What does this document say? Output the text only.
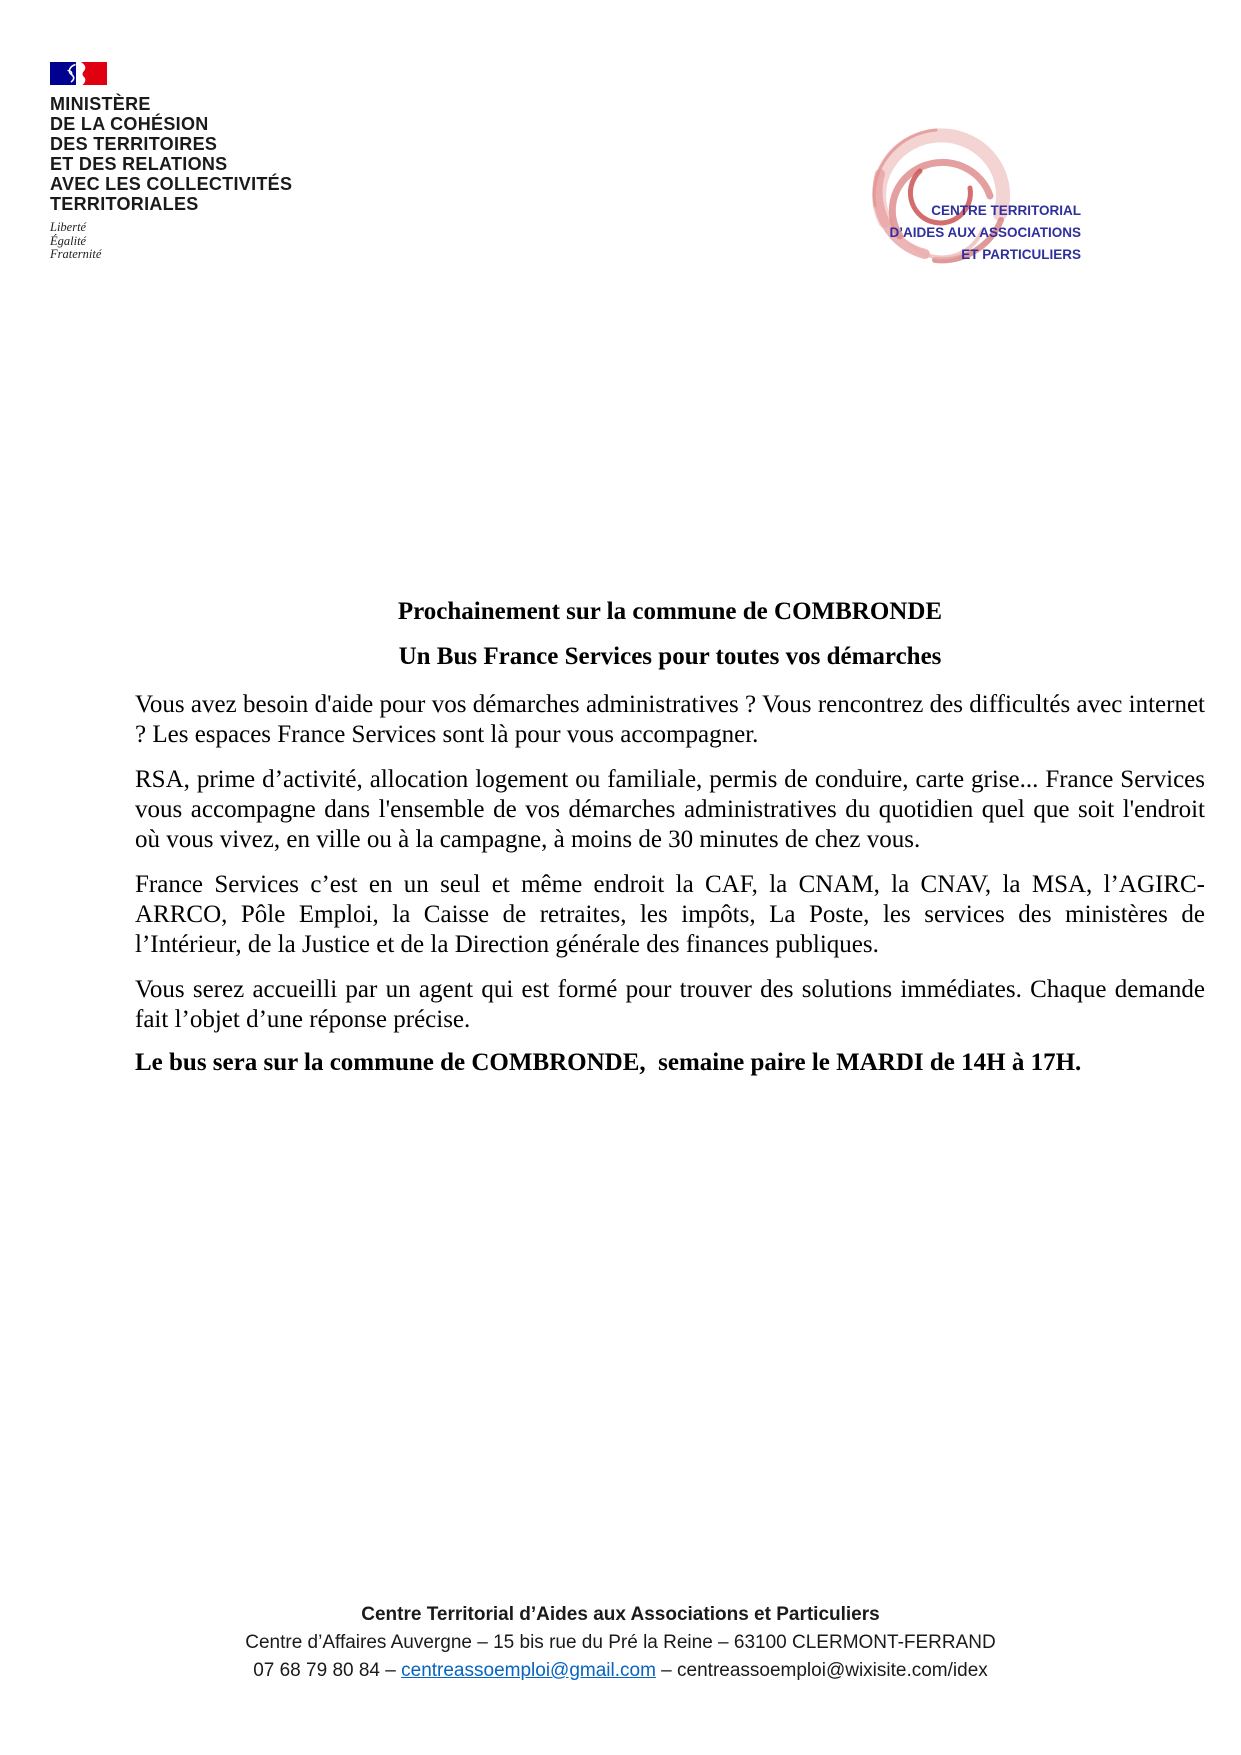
MINISTÈRE
DE LA COHÉSION
DES TERRITOIRES
ET DES RELATIONS
AVEC LES COLLECTIVITÉS
TERRITORIALES
Liberté
Égalité
Fraternité
CENTRE TERRITORIAL
D’AIDES AUX ASSOCIATIONS
ET PARTICULIERS
Prochainement sur la commune de COMBRONDE
Un Bus France Services pour toutes vos démarches

Vous avez besoin d'aide pour vos démarches administratives ? Vous rencontrez des difficultés avec internet ? Les espaces France Services sont là pour vous accompagner.

RSA, prime d’activité, allocation logement ou familiale, permis de conduire, carte grise... France Services vous accompagne dans l'ensemble de vos démarches administratives du quotidien quel que soit l'endroit où vous vivez, en ville ou à la campagne, à moins de 30 minutes de chez vous.

France Services c’est en un seul et même endroit la CAF, la CNAM, la CNAV, la MSA, l’AGIRC-ARRCO, Pôle Emploi, la Caisse de retraites, les impôts, La Poste, les services des ministères de l’Intérieur, de la Justice et de la Direction générale des finances publiques.

Vous serez accueilli par un agent qui est formé pour trouver des solutions immédiates. Chaque demande fait l’objet d’une réponse précise.

Le bus sera sur la commune de COMBRONDE,  semaine paire le MARDI de 14H à 17H.

Centre Territorial d’Aides aux Associations et Particuliers
Centre d’Affaires Auvergne – 15 bis rue du Pré la Reine – 63100 CLERMONT-FERRAND
07 68 79 80 84 – centreassoemploi@gmail.com – centreassoemploi@wixisite.com/idex
